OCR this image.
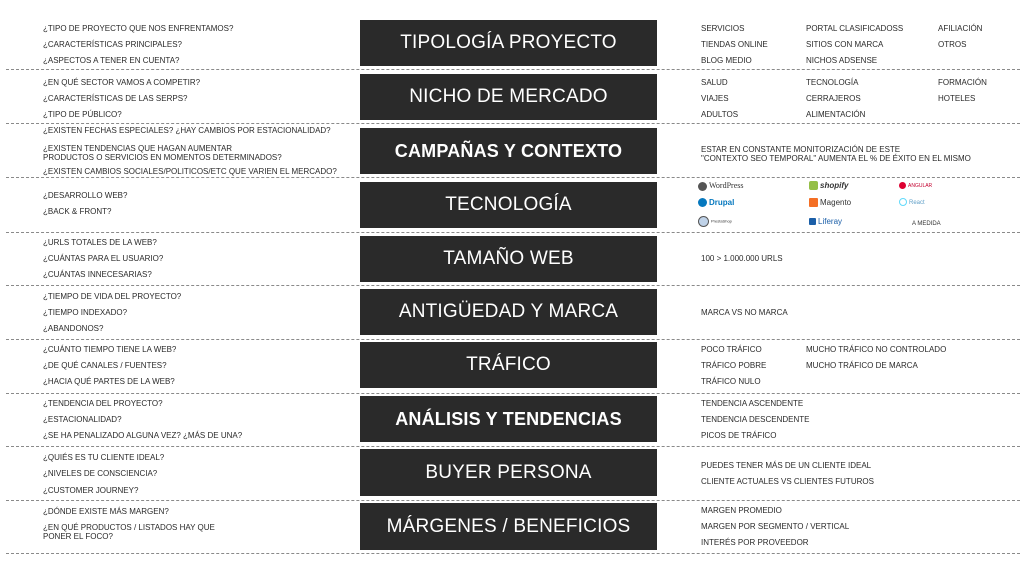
¿TIPO DE PROYECTO QUE NOS ENFRENTAMOS?
¿CARACTERÍSTICAS PRINCIPALES?
¿ASPECTOS A TENER EN CUENTA?
TIPOLOGÍA PROYECTO
SERVICIOS	PORTAL CLASIFICADOSS	AFILIACIÓN
TIENDAS ONLINE	SITIOS CON MARCA	OTROS
BLOG MEDIO	NICHOS ADSENSE
¿EN QUÉ SECTOR VAMOS A COMPETIR?
¿CARACTERÍSTICAS DE LAS SERPS?
¿TIPO DE PÚBLICO?
NICHO DE MERCADO
SALUD	TECNOLOGÍA	FORMACIÓN
VIAJES	CERRAJEROS	HOTELES
ADULTOS	ALIMENTACIÓN
¿EXISTEN FECHAS ESPECIALES? ¿HAY CAMBIOS POR ESTACIONALIDAD?
¿EXISTEN TENDENCIAS QUE HAGAN AUMENTAR
PRODUCTOS O SERVICIOS EN MOMENTOS DETERMINADOS?
¿EXISTEN CAMBIOS SOCIALES/POLITICOS/ETC QUE VARIEN EL MERCADO?
CAMPAÑAS Y CONTEXTO	ESTAR EN CONSTANTE MONITORIZACIÓN DE ESTE
"CONTEXTO SEO TEMPORAL" AUMENTA EL % DE ÉXITO EN EL MISMO
¿DESARROLLO WEB?
¿BACK & FRONT?	TECNOLOGÍA
WordPress	shopify	ANGULAR
Drupal	Magento	React
PrestaShop	Liferay	A MEDIDA
¿URLS TOTALES DE LA WEB?
¿CUÁNTAS PARA EL USUARIO?
¿CUÁNTAS INNECESARIAS?
TAMAÑO WEB	100 > 1.000.000 URLS
¿TIEMPO DE VIDA DEL PROYECTO?
¿TIEMPO INDEXADO?
¿ABANDONOS?
ANTIGÜEDAD Y MARCA	MARCA VS NO MARCA
¿CUÁNTO TIEMPO TIENE LA WEB?
¿DE QUÉ CANALES / FUENTES?
¿HACIA QUÉ PARTES DE LA WEB?
TRÁFICO
POCO TRÁFICO	MUCHO TRÁFICO NO CONTROLADO
TRÁFICO POBRE	MUCHO TRÁFICO DE MARCA
TRÁFICO NULO
¿TENDENCIA DEL PROYECTO?
¿ESTACIONALIDAD?
¿SE HA PENALIZADO ALGUNA VEZ? ¿MÁS DE UNA?
ANÁLISIS Y TENDENCIAS
TENDENCIA ASCENDENTE
TENDENCIA DESCENDENTE
PICOS DE TRÁFICO
¿QUIÉS ES TU CLIENTE IDEAL?
¿NIVELES DE CONSCIENCIA?
¿CUSTOMER JOURNEY?
BUYER PERSONA	PUEDES TENER MÁS DE UN CLIENTE IDEAL
CLIENTE ACTUALES VS CLIENTES FUTUROS
¿DÓNDE EXISTE MÁS MARGEN?
¿EN QUÉ PRODUCTOS / LISTADOS HAY QUE
PONER EL FOCO?	MÁRGENES / BENEFICIOS
MARGEN PROMEDIO
MARGEN POR SEGMENTO / VERTICAL
INTERÉS POR PROVEEDOR
